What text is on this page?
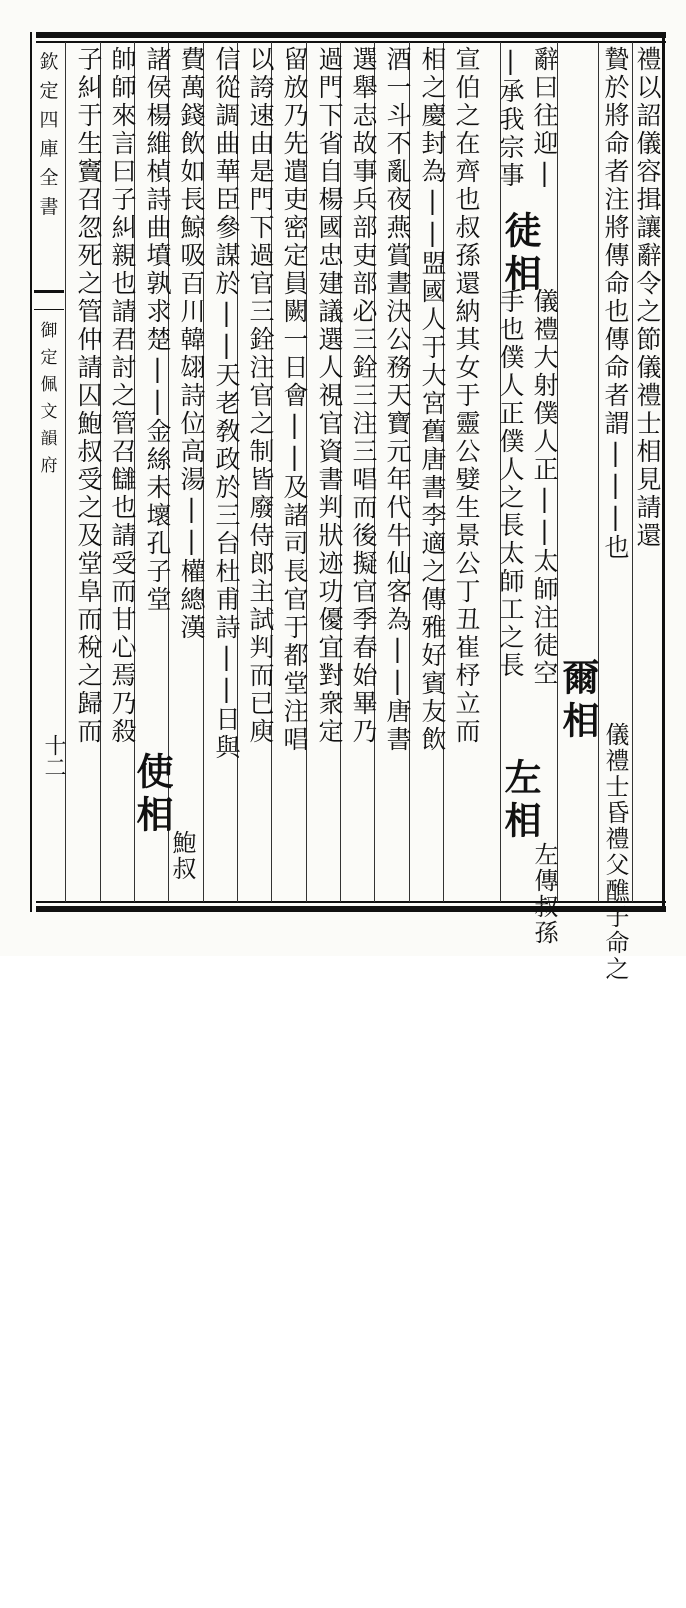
欽
定
四
庫
全
書
御
定
佩
文
韻
府
十二
禮以詔儀容揖讓辭令之節儀禮士相見請還
贄於將命者注將傳命也傳命者謂|||也
爾相
儀禮士昏禮父醮子命之
辭曰往迎|
徒相
儀禮大射僕人正||太師注徒空
|承我宗事
手也僕人正僕人之長太師工之長
左相
左傳叔孫
宣伯之在齊也叔孫還納其女于靈公嬖生景公丁丑崔杼立而
相之慶封為||盟國人于大宮舊唐書李適之傳雅好賓友飲
酒一斗不亂夜燕賞晝決公務天寶元年代牛仙客為||唐書
選舉志故事兵部吏部必三銓三注三唱而後擬官季春始畢乃
過門下省自楊國忠建議選人視官資書判狀迹功優宜對衆定
留放乃先遣吏密定員闕一日會||及諸司長官于都堂注唱
以誇速由是門下過官三銓注官之制皆廢侍郎主試判而已庾
信從調曲華臣參謀於||天老敎政於三台杜甫詩||日與
費萬錢飲如長鯨吸百川韓翃詩位高湯||權總漢
諸侯楊維楨詩曲墳孰求楚||金絲未壞孔子堂
使相
鮑叔
帥師來言曰子糾親也請君討之管召讎也請受而甘心焉乃殺
子糾于生竇召忽死之管仲請囚鮑叔受之及堂阜而稅之歸而
